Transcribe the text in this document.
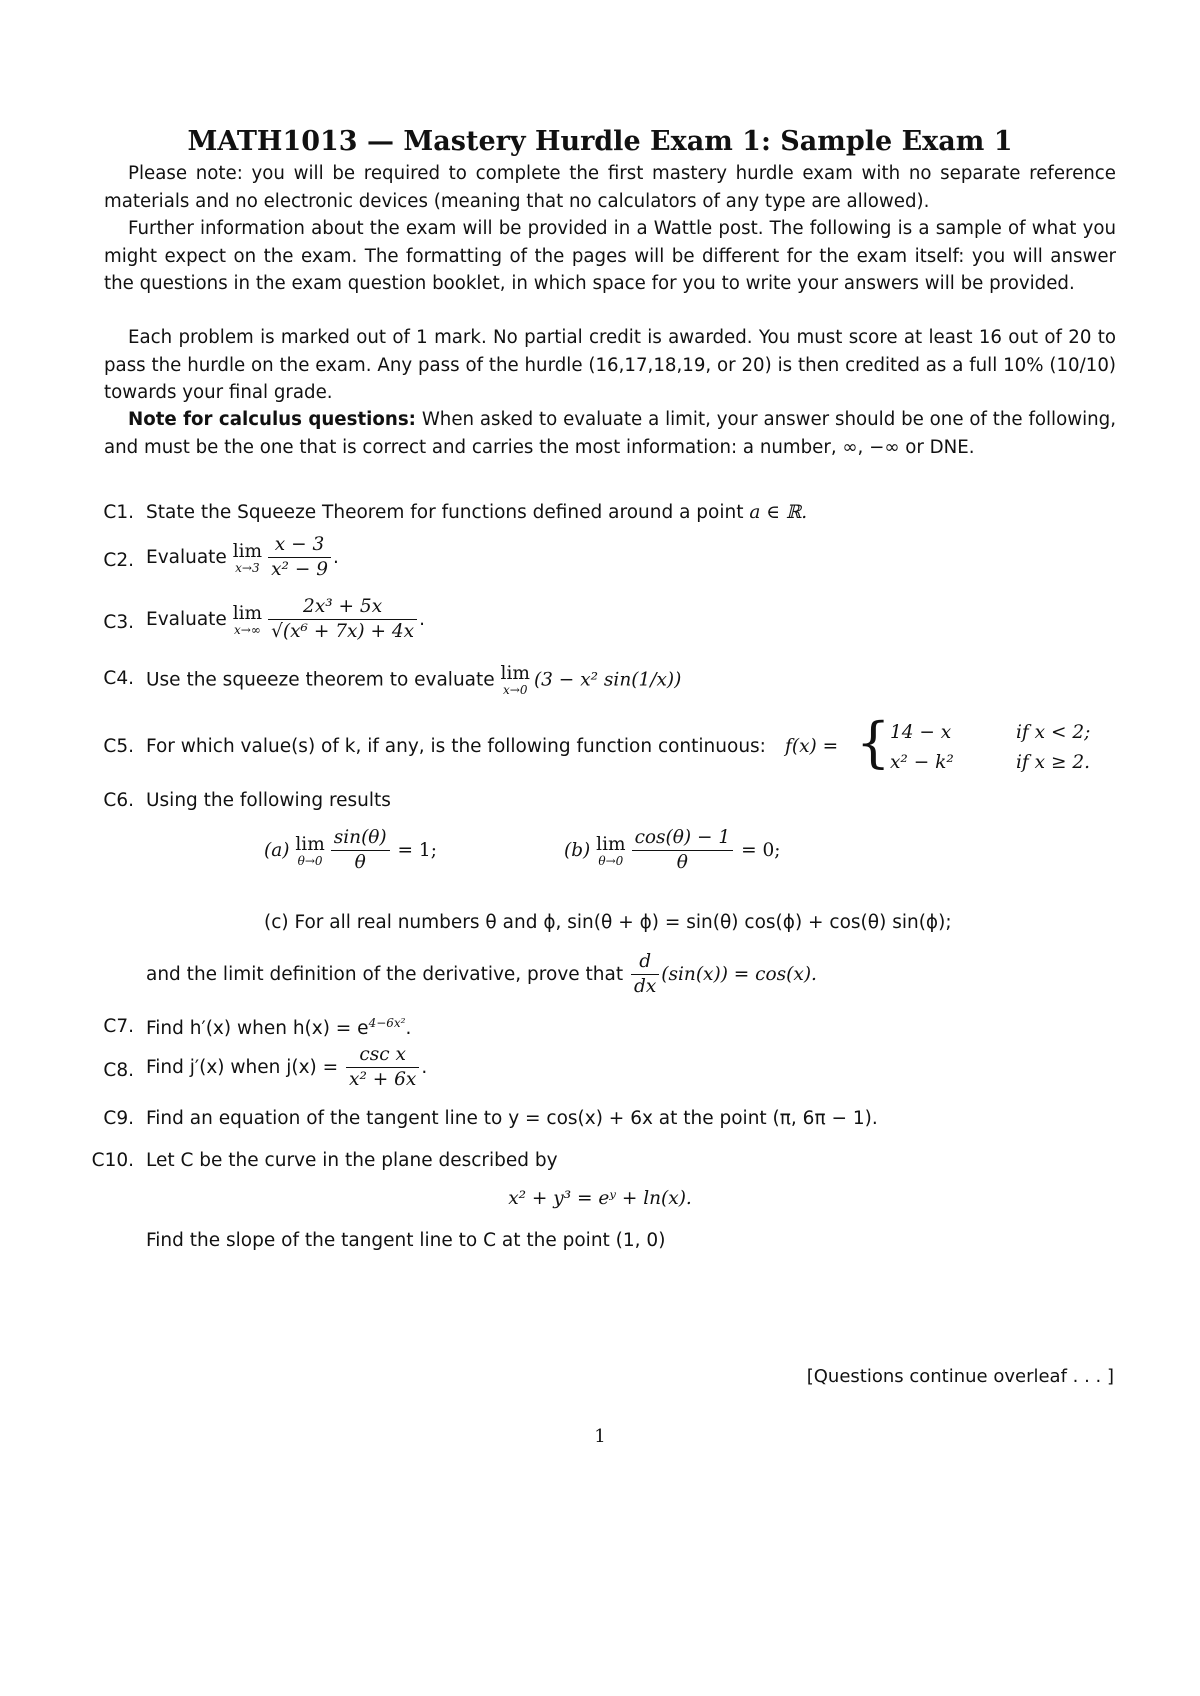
MATH1013 — Mastery Hurdle Exam 1: Sample Exam 1
Please note: you will be required to complete the first mastery hurdle exam with no separate reference materials and no electronic devices (meaning that no calculators of any type are allowed).
Further information about the exam will be provided in a Wattle post. The following is a sample of what you might expect on the exam. The formatting of the pages will be different for the exam itself: you will answer the questions in the exam question booklet, in which space for you to write your answers will be provided.
Each problem is marked out of 1 mark. No partial credit is awarded. You must score at least 16 out of 20 to pass the hurdle on the exam. Any pass of the hurdle (16,17,18,19, or 20) is then credited as a full 10% (10/10) towards your final grade.
Note for calculus questions: When asked to evaluate a limit, your answer should be one of the following, and must be the one that is correct and carries the most information: a number, ∞, −∞ or DNE.
C1. State the Squeeze Theorem for functions defined around a point a ∈ ℝ.
C2. Evaluate lim
$x\to 3 \frac{x - 3}{\text{x² − 9}}$ .
C3. Evaluate lim
$x\to\infty \frac{\text{2x³ + 5x}}{\text{√(x⁶ + 7x) + 4x}}$ .
C4. Use the squeeze theorem to evaluate lim
x→0 (3 − x² sin(1/x))
C5. For which value(s) of k, if any, is the following function continuous: f(x) = { 14 − x	if x < 2;
x² − k²	if x ≥ 2.
C6. Using the following results
(a) lim
$\theta\to 0 \frac{\sin(\theta)}{\theta} = 1$;	(b) lim
$\theta\to 0 \frac{\cos(\theta) - 1}{\theta} = 0$;
(c) For all real numbers θ and ϕ, sin(θ + ϕ) = sin(θ) cos(ϕ) + cos(θ) sin(ϕ);
and the limit definition of the derivative, prove that $\frac{d}{dx} (\sin(x)) = \cos(x)$.
C7. Find h′(x) when $h(x) = e^{4-6x^2}$.
C8. Find j′(x) when $j(x) = \frac{\text{csc x}}{\text{x² + 6x}}$ .
C9. Find an equation of the tangent line to y = cos(x) + 6x at the point (π, 6π − 1).
C10. Let C be the curve in the plane described by
x² + y³ = eʸ + ln(x).
Find the slope of the tangent line to C at the point (1, 0)
[Questions continue overleaf . . . ]
1
